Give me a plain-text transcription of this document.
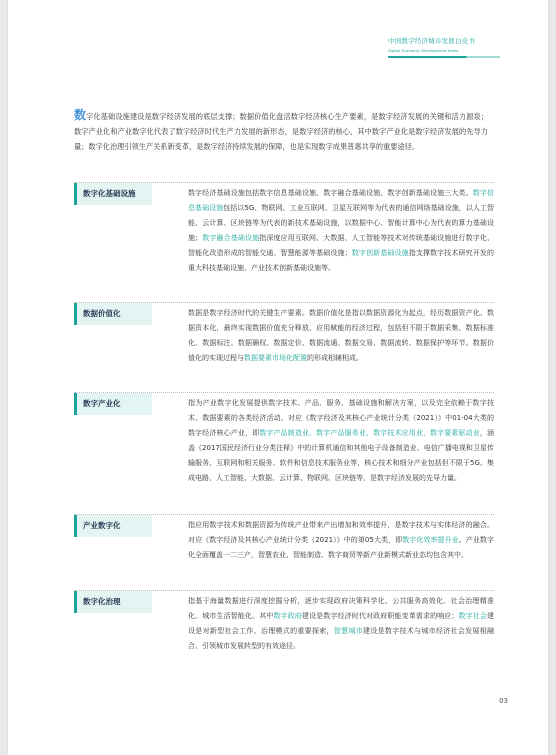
中国数字经济城市发展白皮书
Digital Economic Development Index
数字化基础设施建设是数字经济发展的底层支撑；数据价值化盘活数字经济核心生产要素，是数字经济发展的关键和活力源泉；数字产业化和产业数字化代表了数字经济时代生产力发展的新形态，是数字经济的核心，其中数字产业化是数字经济发展的先导力量；数字化治理引领生产关系新变革，是数字经济持续发展的保障，也是实现数字成果普惠共享的重要途径。
数字化基础设施	数字经济基础设施包括数字信息基础设施、数字融合基础设施、数字创新基础设施三大类。数字信息基础设施包括以5G、物联网、工业互联网、卫星互联网等为代表的通信网络基础设施，以人工智能、云计算、区块链等为代表的新技术基础设施，以数据中心、智能计算中心为代表的算力基础设施；数字融合基础设施指深度应用互联网、大数据、人工智能等技术对传统基础设施进行数字化、智能化改造形成的智能交通、智慧能源等基础设施；数字创新基础设施指支撑数字技术研究开发的重大科技基础设施、产业技术创新基础设施等。
数据价值化	数据是数字经济时代的关键生产要素。数据价值化是指以数据资源化为起点，经历数据资产化、数据资本化，最终实现数据价值充分释放、应用赋能的经济过程，包括但不限于数据采集、数据标准化、数据标注、数据确权、数据定价、数据流通、数据交易、数据流转、数据保护等环节。数据价值化的实现过程与数据要素市场化配置的形成相辅相成。
数字产业化	指为产业数字化发展提供数字技术、产品、服务、基础设施和解决方案，以及完全依赖于数字技术、数据要素的各类经济活动。对应《数字经济及其核心产业统计分类（2021）》中01-04大类的数字经济核心产业，即数字产品制造业、数字产品服务业、数字技术应用业、数字要素驱动业，涵盖《2017国民经济行业分类注释》中的计算机通信和其他电子设备制造业、电信广播电视和卫星传输服务、互联网和相关服务、软件和信息技术服务业等，核心技术和细分产业包括但不限于5G、集成电路、人工智能、大数据、云计算、物联网、区块链等，是数字经济发展的先导力量。
产业数字化	指应用数字技术和数据资源为传统产业带来产出增加和效率提升，是数字技术与实体经济的融合。对应《数字经济及其核心产业统计分类（2021）》中的第05大类，即数字化效率提升业。产业数字化全面覆盖一二三产，智慧农业、智能制造、数字商贸等新产业新模式新业态均包含其中。
数字化治理	指基于海量数据进行深度挖掘分析，逐步实现政府决策科学化、公共服务高效化、社会治理精准化、城市生活智能化。其中数字政府建设是数字经济时代对政府职能变革需求的响应；数字社会建设是对新型社会工作、治理模式的重要探索，智慧城市建设是数字技术与城市经济社会发展相融合、引领城市发展转型的有效途径。
03
